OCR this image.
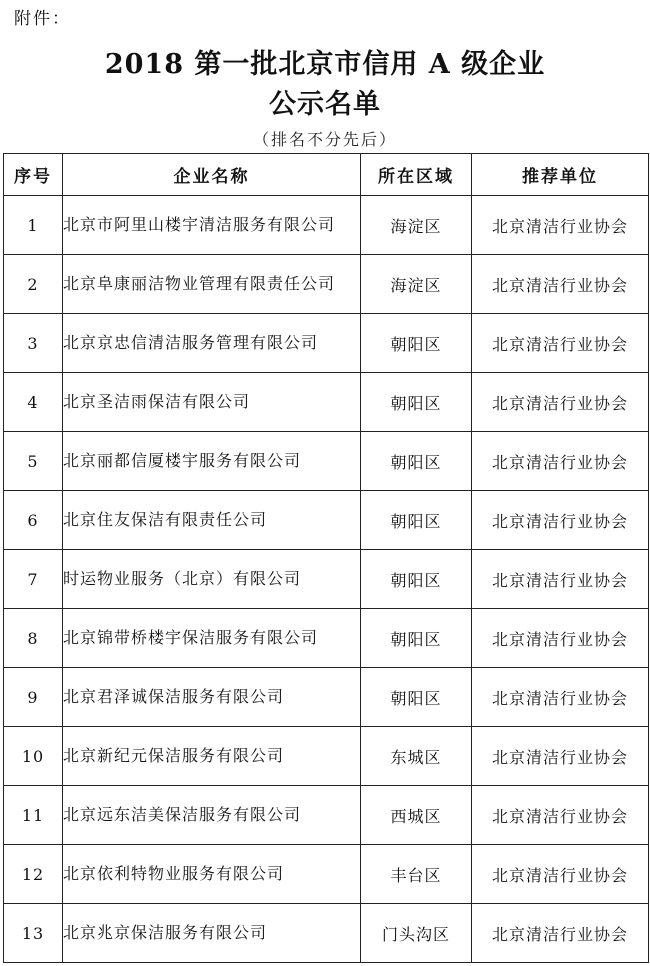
附件：
2018 第一批北京市信用 A 级企业
公示名单
（排名不分先后）
序号	企业名称	所在区域	推荐单位
1	北京市阿里山楼宇清洁服务有限公司	海淀区	北京清洁行业协会
2	北京阜康丽洁物业管理有限责任公司	海淀区	北京清洁行业协会
3	北京京忠信清洁服务管理有限公司	朝阳区	北京清洁行业协会
4	北京圣洁雨保洁有限公司	朝阳区	北京清洁行业协会
5	北京丽都信厦楼宇服务有限公司	朝阳区	北京清洁行业协会
6	北京住友保洁有限责任公司	朝阳区	北京清洁行业协会
7	时运物业服务（北京）有限公司	朝阳区	北京清洁行业协会
8	北京锦带桥楼宇保洁服务有限公司	朝阳区	北京清洁行业协会
9	北京君泽诚保洁服务有限公司	朝阳区	北京清洁行业协会
10	北京新纪元保洁服务有限公司	东城区	北京清洁行业协会
11	北京远东洁美保洁服务有限公司	西城区	北京清洁行业协会
12	北京依利特物业服务有限公司	丰台区	北京清洁行业协会
13	北京兆京保洁服务有限公司	门头沟区	北京清洁行业协会
